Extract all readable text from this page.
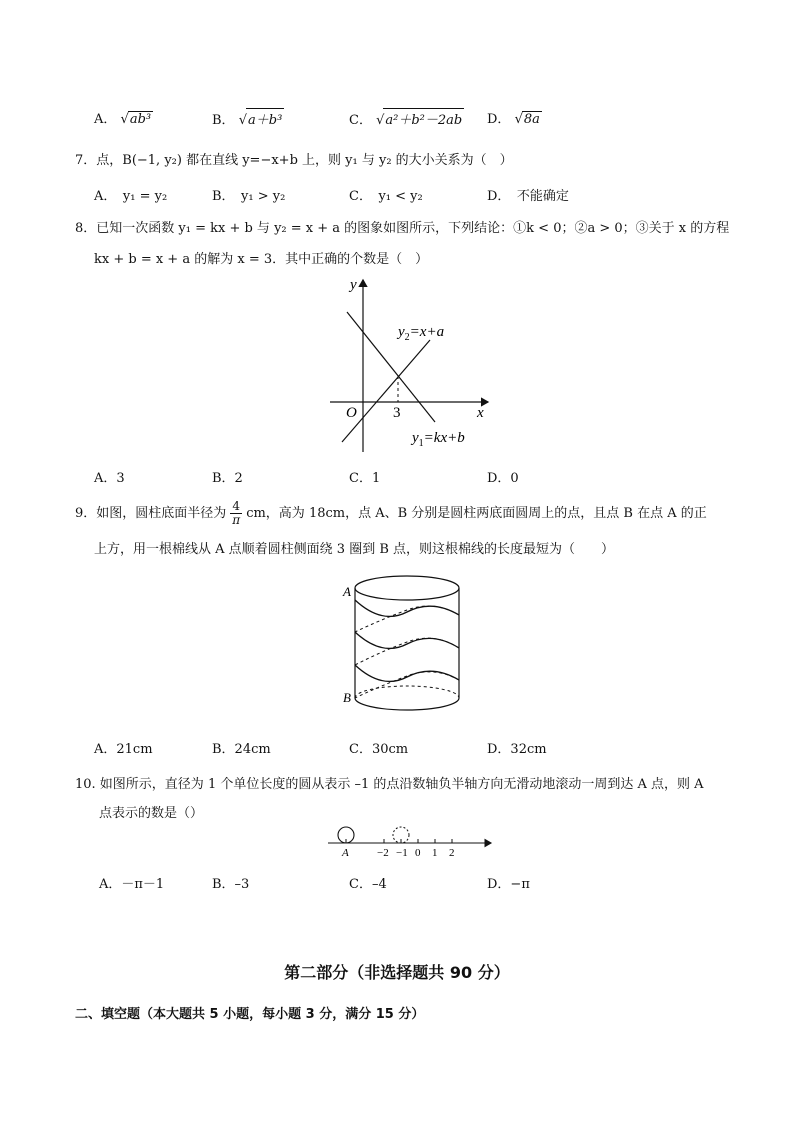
A． √ab³	B． √a＋b³	C． √a²＋b²－2ab D． √8a
7．点，B(−1, y₂) 都在直线 y=−x+b 上，则 y₁ 与 y₂ 的大小关系为（　）
A．　y₁ = y₂	B．　y₁ > y₂	C．　y₁ < y₂	D．　不能确定
8．已知一次函数 y₁ = kx + b 与 y₂ = x + a 的图象如图所示，下列结论：①k < 0；②a > 0；③关于 x 的方程
kx + b = x + a 的解为 x = 3．其中正确的个数是（　）
y
x
O 3
$y_2=x+a$
$y_1=kx+b$
A．3	B．2	C．1	D．0
9．如图，圆柱底面半径为 $\frac{4}{\pi}$ cm，高为 18cm，点 A、B 分别是圆柱两底面圆周上的点，且点 B 在点 A 的正
上方，用一根棉线从 A 点顺着圆柱侧面绕 3 圈到 B 点，则这根棉线的长度最短为（　　）
A
B
A．21cm	B．24cm	C．30cm	D．32cm
10. 如图所示，直径为 1 个单位长度的圆从表示 –1 的点沿数轴负半轴方向无滑动地滚动一周到达 A 点，则 A
点表示的数是（）
A	−2 −1 0 1 2
A．－π－1	B．–3	C．–4	D．−π
第二部分（非选择题共 90 分）
二、填空题（本大题共 5 小题，每小题 3 分，满分 15 分）
